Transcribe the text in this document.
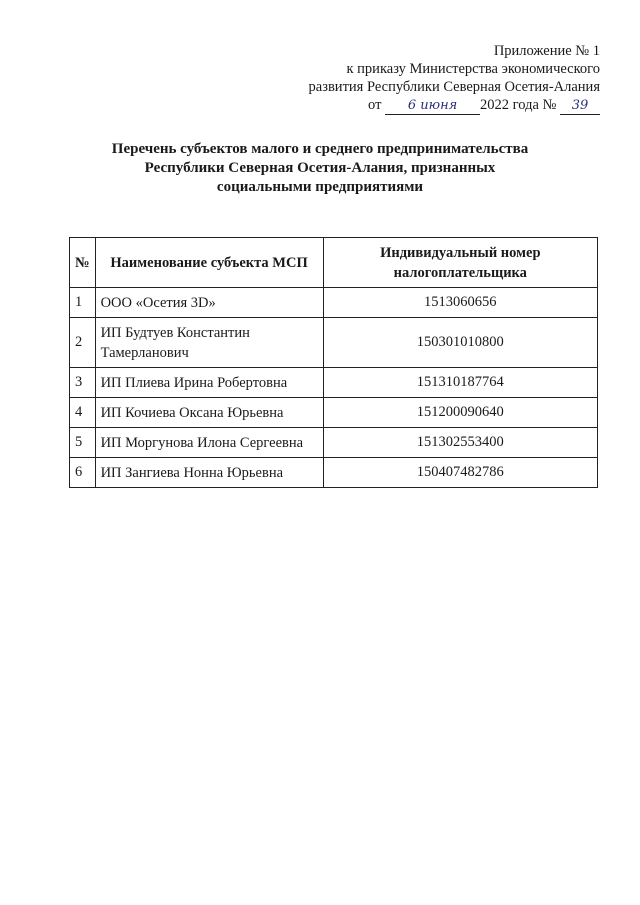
Приложение № 1
к приказу Министерства экономического
развития Республики Северная Осетия-Алания
от 6 июня 2022 года № 39
Перечень субъектов малого и среднего предпринимательства
Республики Северная Осетия-Алания, признанных
социальными предприятиями
№	Наименование субъекта МСП	Индивидуальный номер налогоплательщика
1	ООО «Осетия 3D»	1513060656
2	ИП Будтуев Константин Тамерланович	150301010800
3	ИП Плиева Ирина Робертовна	151310187764
4	ИП Кочиева Оксана Юрьевна	151200090640
5	ИП Моргунова Илона Сергеевна	151302553400
6	ИП Зангиева Нонна Юрьевна	150407482786
